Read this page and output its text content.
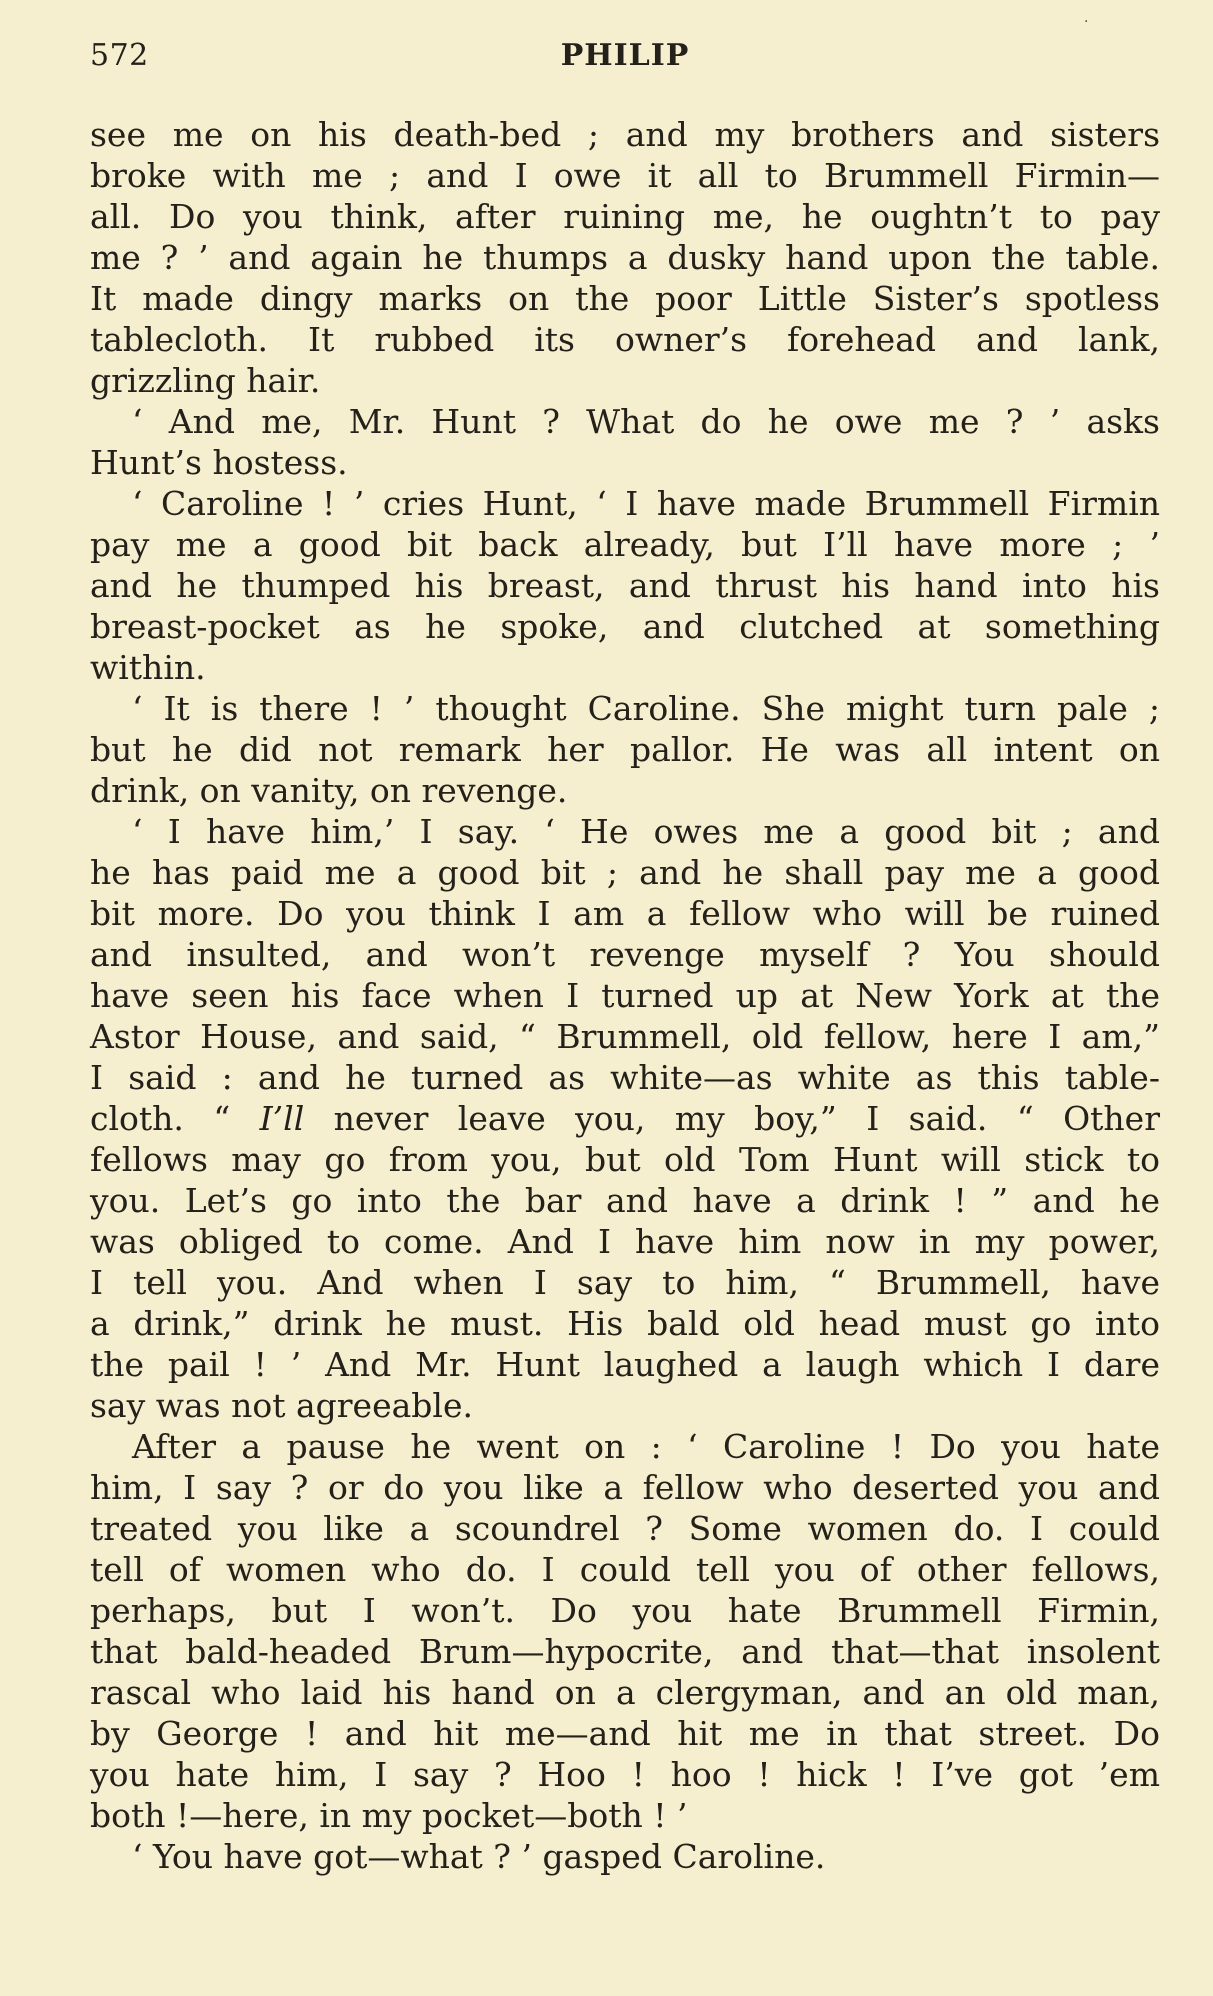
572	PHILIP
·
see me on his death-bed ; and my brothers and sisters
broke with me ; and I owe it all to Brummell Firmin—
all. Do you think, after ruining me, he oughtn’t to pay
me ? ’ and again he thumps a dusky hand upon the table.
It made dingy marks on the poor Little Sister’s spotless
tablecloth. It rubbed its owner’s forehead and lank,
grizzling hair.
‘ And me, Mr. Hunt ? What do he owe me ? ’ asks
Hunt’s hostess.
‘ Caroline ! ’ cries Hunt, ‘ I have made Brummell Firmin
pay me a good bit back already, but I’ll have more ; ’
and he thumped his breast, and thrust his hand into his
breast-pocket as he spoke, and clutched at something
within.
‘ It is there ! ’ thought Caroline. She might turn pale ;
but he did not remark her pallor. He was all intent on
drink, on vanity, on revenge.
‘ I have him,’ I say. ‘ He owes me a good bit ; and
he has paid me a good bit ; and he shall pay me a good
bit more. Do you think I am a fellow who will be ruined
and insulted, and won’t revenge myself ? You should
have seen his face when I turned up at New York at the
Astor House, and said, “ Brummell, old fellow, here I am,”
I said : and he turned as white—as white as this table-
cloth. “ I’ll never leave you, my boy,” I said. “ Other
fellows may go from you, but old Tom Hunt will stick to
you. Let’s go into the bar and have a drink ! ” and he
was obliged to come. And I have him now in my power,
I tell you. And when I say to him, “ Brummell, have
a drink,” drink he must. His bald old head must go into
the pail ! ’ And Mr. Hunt laughed a laugh which I dare
say was not agreeable.
After a pause he went on : ‘ Caroline ! Do you hate
him, I say ? or do you like a fellow who deserted you and
treated you like a scoundrel ? Some women do. I could
tell of women who do. I could tell you of other fellows,
perhaps, but I won’t. Do you hate Brummell Firmin,
that bald-headed Brum—hypocrite, and that—that insolent
rascal who laid his hand on a clergyman, and an old man,
by George ! and hit me—and hit me in that street. Do
you hate him, I say ? Hoo ! hoo ! hick ! I’ve got ’em
both !—here, in my pocket—both ! ’
‘ You have got—what ? ’ gasped Caroline.
